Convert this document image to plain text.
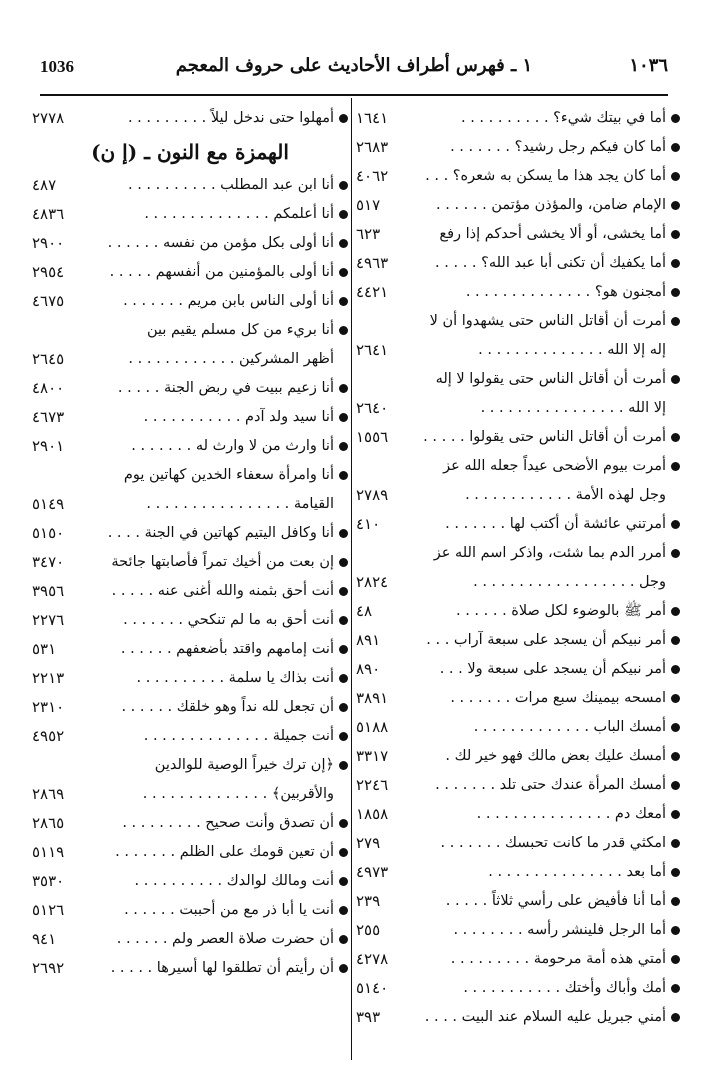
1036	١ ـ فهرس أطراف الأحاديث على حروف المعجم	١٠٣٦
أما في بيتك شيء؟ . . . . . . . . . .
١٦٤١
أما كان فيكم رجل رشيد؟ . . . . . . .
٢٦٨٣
أما كان يجد هذا ما يسكن به شعره؟ . . .
٤٠٦٢
الإمام ضامن، والمؤذن مؤتمن . . . . . .
٥١٧
أما يخشى، أو ألا يخشى أحدكم إذا رفع
٦٢٣
أما يكفيك أن تكنى أبا عبد الله؟ . . . . .
٤٩٦٣
أمجنون هو؟ . . . . . . . . . . . . . .
٤٤٢١
أمرت أن أقاتل الناس حتى يشهدوا أن لا
إله إلا الله . . . . . . . . . . . . . .
٢٦٤١
أمرت أن أقاتل الناس حتى يقولوا لا إله
إلا الله . . . . . . . . . . . . . . . .
٢٦٤٠
أمرت أن أقاتل الناس حتى يقولوا . . . . .
١٥٥٦
أمرت بيوم الأضحى عيداً جعله الله عز
وجل لهذه الأمة . . . . . . . . . . . .
٢٧٨٩
أمرتني عائشة أن أكتب لها . . . . . . .
٤١٠
أمرر الدم بما شئت، واذكر اسم الله عز
وجل . . . . . . . . . . . . . . . . . .
٢٨٢٤
أمر ﷺ بالوضوء لكل صلاة . . . . . .
٤٨
أمر نبيكم أن يسجد على سبعة آراب . . .
٨٩١
أمر نبيكم أن يسجد على سبعة ولا . . .
٨٩٠
امسحه بيمينك سبع مرات . . . . . . .
٣٨٩١
أمسك الباب . . . . . . . . . . . . .
٥١٨٨
أمسك عليك بعض مالك فهو خير لك .
٣٣١٧
أمسك المرأة عندك حتى تلد . . . . . . .
٢٢٤٦
أمعك دم . . . . . . . . . . . . . . .
١٨٥٨
امكثي قدر ما كانت تحبسك . . . . . . .
٢٧٩
أما بعد . . . . . . . . . . . . . . .
٤٩٧٣
أما أنا فأفيض على رأسي ثلاثاً . . . . .
٢٣٩
أما الرجل فلينشر رأسه . . . . . . . .
٢٥٥
أمتي هذه أمة مرحومة . . . . . . . . .
٤٢٧٨
أمك وأباك وأختك . . . . . . . . . . .
٥١٤٠
أمني جبريل عليه السلام عند البيت . . . .
٣٩٣
أمهلوا حتى ندخل ليلاً . . . . . . . . .
٢٧٧٨
الهمزة مع النون ـ (إ ن)
أنا ابن عبد المطلب . . . . . . . . . .
٤٨٧
أنا أعلمكم . . . . . . . . . . . . . .
٤٨٣٦
أنا أولى بكل مؤمن من نفسه . . . . . .
٢٩٠٠
أنا أولى بالمؤمنين من أنفسهم . . . . .
٢٩٥٤
أنا أولى الناس بابن مريم . . . . . . .
٤٦٧٥
أنا بريء من كل مسلم يقيم بين
أظهر المشركين . . . . . . . . . . . .
٢٦٤٥
أنا زعيم ببيت في ربض الجنة . . . . .
٤٨٠٠
أنا سيد ولد آدم . . . . . . . . . . .
٤٦٧٣
أنا وارث من لا وارث له . . . . . . .
٢٩٠١
أنا وامرأة سعفاء الخدين كهاتين يوم
القيامة . . . . . . . . . . . . . . . .
٥١٤٩
أنا وكافل اليتيم كهاتين في الجنة . . . .
٥١٥٠
إن بعت من أخيك تمراً فأصابتها جائحة
٣٤٧٠
أنت أحق بثمنه والله أغنى عنه . . . . .
٣٩٥٦
أنت أحق به ما لم تنكحي . . . . . . .
٢٢٧٦
أنت إمامهم واقتد بأضعفهم . . . . . .
٥٣١
أنت بذاك يا سلمة . . . . . . . . . .
٢٢١٣
أن تجعل لله نداً وهو خلقك . . . . . .
٢٣١٠
أنت جميلة . . . . . . . . . . . . . .
٤٩٥٢
﴿إن ترك خيراً الوصية للوالدين
والأقربين﴾ . . . . . . . . . . . . . .
٢٨٦٩
أن تصدق وأنت صحيح . . . . . . . . .
٢٨٦٥
أن تعين قومك على الظلم . . . . . . .
٥١١٩
أنت ومالك لوالدك . . . . . . . . . .
٣٥٣٠
أنت يا أبا ذر مع من أحببت . . . . . .
٥١٢٦
أن حضرت صلاة العصر ولم . . . . . .
٩٤١
أن رأيتم أن تطلقوا لها أسيرها . . . . .
٢٦٩٢
